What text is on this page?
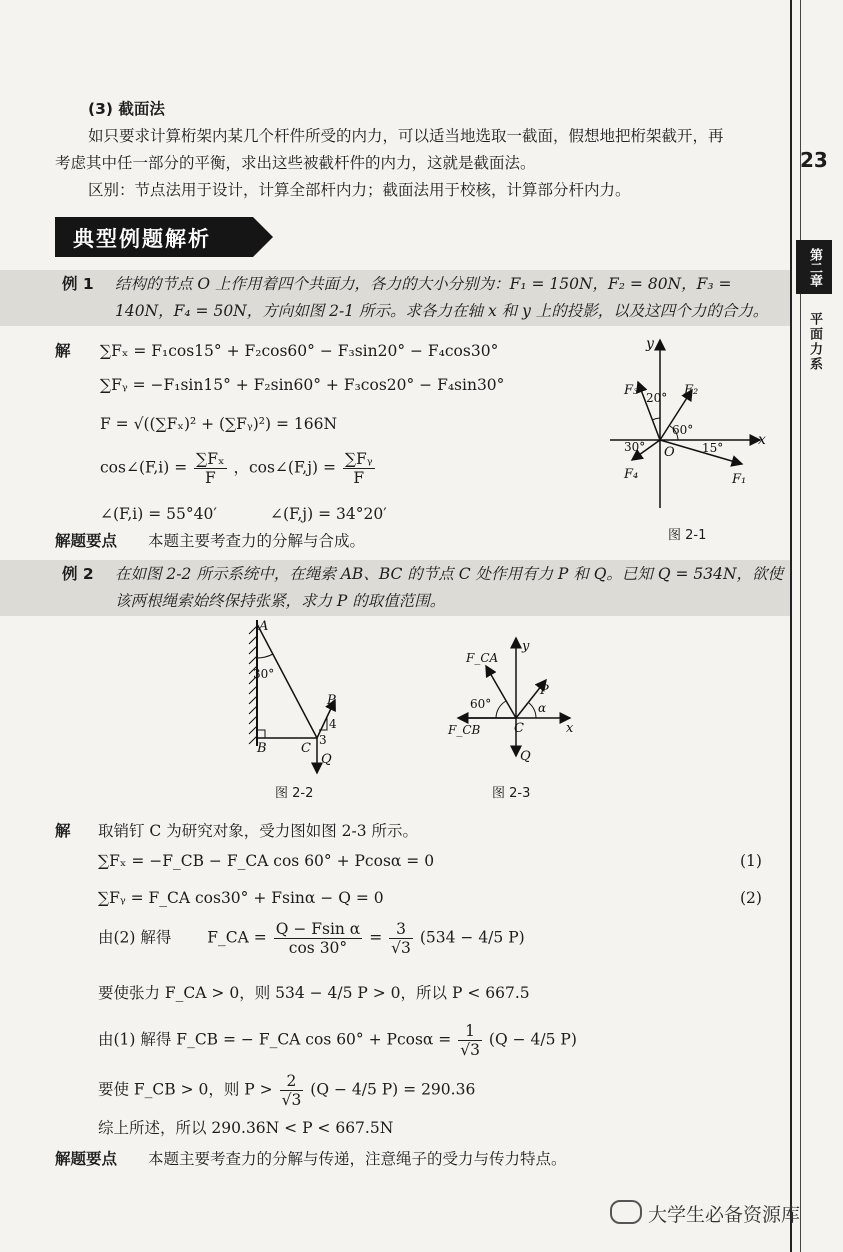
23
第二章
平面力系
(3) 截面法
如只要求计算桁架内某几个杆件所受的内力，可以适当地选取一截面，假想地把桁架截开，再
考虑其中任一部分的平衡，求出这些被截杆件的内力，这就是截面法。
区别：节点法用于设计，计算全部杆内力；截面法用于校核，计算部分杆内力。
典型例题解析
例 1 结构的节点 O 上作用着四个共面力，各力的大小分别为：F₁ = 150N，F₂ = 80N，F₃ =
140N，F₄ = 50N，方向如图 2-1 所示。求各力在轴 x 和 y 上的投影，以及这四个力的合力。
解 ∑Fₓ = F₁cos15° + F₂cos60° − F₃sin20° − F₄cos30°
∑Fᵧ = −F₁sin15° + F₂sin60° + F₃cos20° − F₄sin30°
F = √((∑Fₓ)² + (∑Fᵧ)²) = 166N
cos∠(F,i) = $\frac{\text{∑Fₓ}}{F}$ ，cos∠(F,j) = $\frac{\text{∑Fᵧ}}{F}$
∠(F,i) = 55°40′	∠(F,j) = 34°20′
解题要点 本题主要考查力的分解与合成。
y
x
O
F₁
F₂
F₃
F₄
20°
60°
30°	15°
图 2-1
例 2 在如图 2-2 所示系统中，在绳索 AB、BC 的节点 C 处作用有力 P 和 Q。已知 Q = 534N，欲使
该两根绳索始终保持张紧，求力 P 的取值范围。
A
B	C
P
Q
30°
4
3
图 2-2
F_CA
F_CB
y
x
C
P
Q
60°	α
图 2-3
解 取销钉 C 为研究对象，受力图如图 2-3 所示。
∑Fₓ = −F_CB − F_CA cos 60° + Pcosα = 0	(1)
∑Fᵧ = F_CA cos30° + Fsinα − Q = 0	(2)
由(2) 解得 F_CA = $\frac{\text{Q − Fsin α}}{\cos 30^\circ} = \frac{3}{√3} (534 - 4/5$ P)
要使张力 F_CA > 0，则 534 − 4/5 P > 0，所以 P < 667.5
由(1) 解得 F_CB = − F_CA $\cos 60^\circ + Pcos\alpha = \frac{1}{√3} (Q - 4/5$ P)
要使 F_CB > 0，则 $P > \frac{2}{√3} (Q - 4/5$ P) = 290.36
综上所述，所以 290.36N < P < 667.5N
解题要点 本题主要考查力的分解与传递，注意绳子的受力与传力特点。
大学生必备资源库
